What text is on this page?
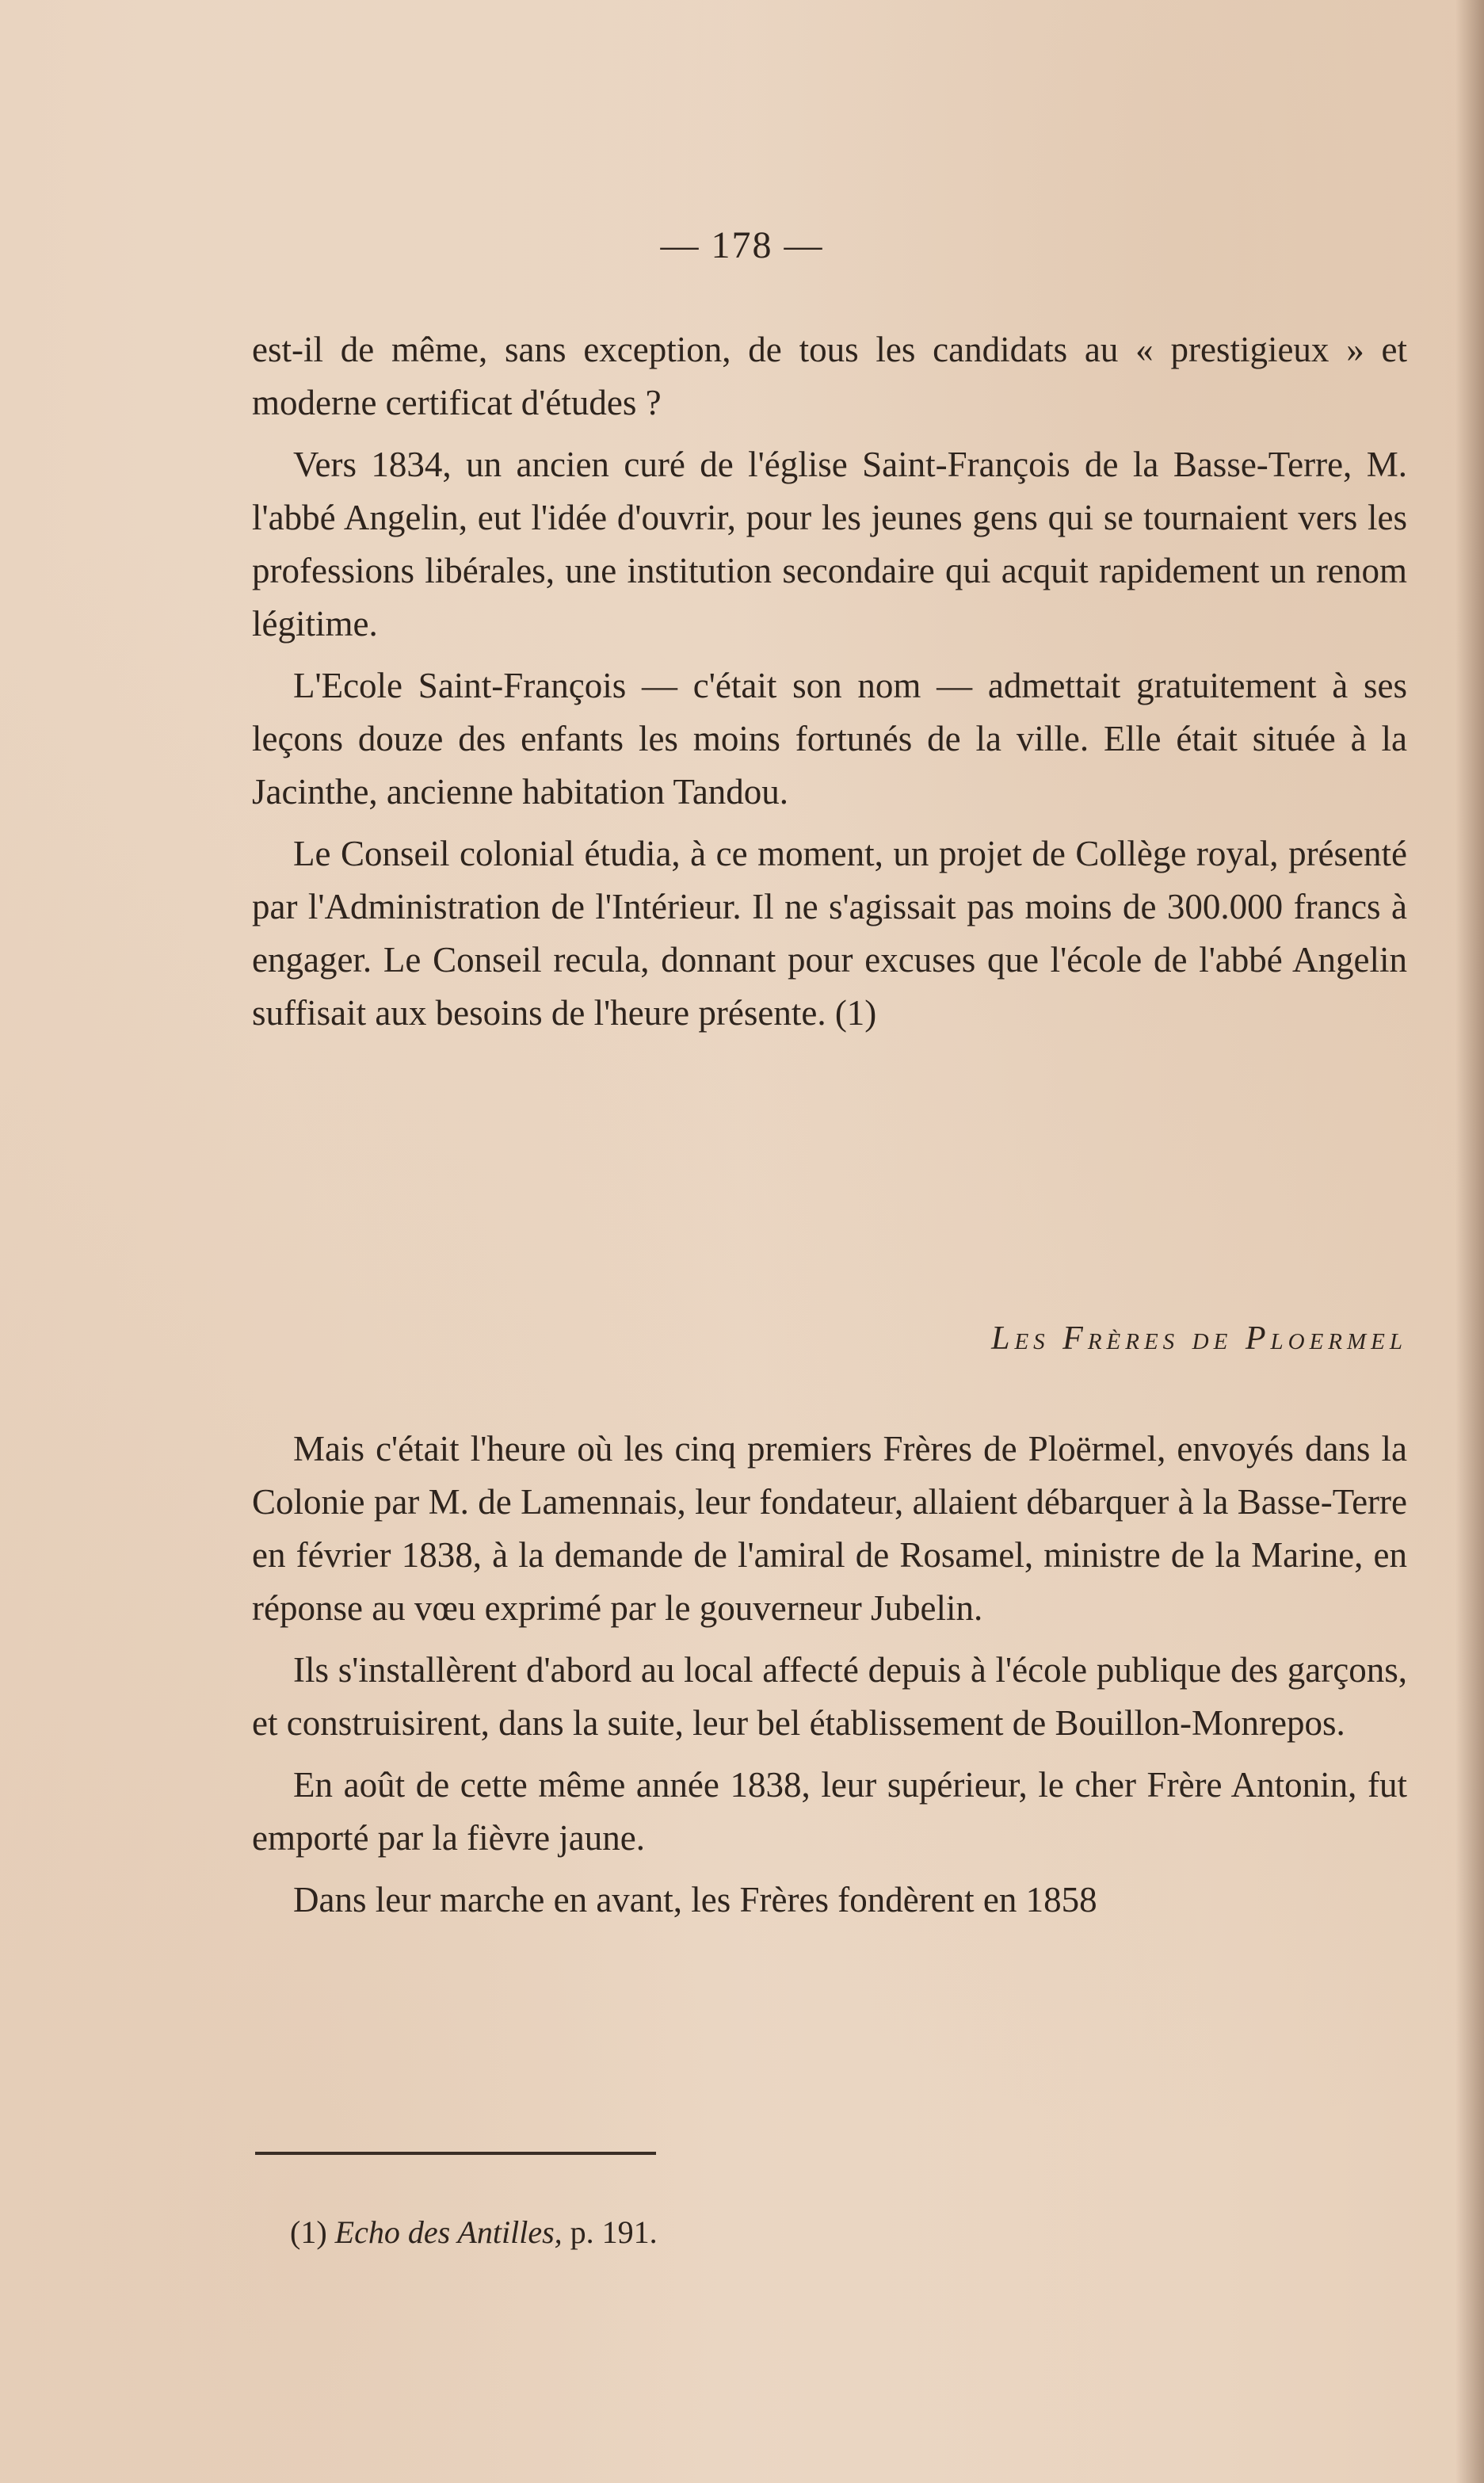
— 178 —

est-il de même, sans exception, de tous les candidats au « prestigieux » et moderne certificat d'études ?

Vers 1834, un ancien curé de l'église Saint-François de la Basse-Terre, M. l'abbé Angelin, eut l'idée d'ouvrir, pour les jeunes gens qui se tournaient vers les professions libérales, une institution secondaire qui acquit rapidement un renom légitime.

L'Ecole Saint-François — c'était son nom — admettait gratuitement à ses leçons douze des enfants les moins fortunés de la ville. Elle était située à la Jacinthe, ancienne habitation Tandou.

Le Conseil colonial étudia, à ce moment, un projet de Collège royal, présenté par l'Administration de l'Intérieur. Il ne s'agissait pas moins de 300.000 francs à engager. Le Conseil recula, donnant pour excuses que l'école de l'abbé Angelin suffisait aux besoins de l'heure présente. (1)

Les Frères de Ploermel

Mais c'était l'heure où les cinq premiers Frères de Ploërmel, envoyés dans la Colonie par M. de Lamennais, leur fondateur, allaient débarquer à la Basse-Terre en février 1838, à la demande de l'amiral de Rosamel, ministre de la Marine, en réponse au vœu exprimé par le gouverneur Jubelin.

Ils s'installèrent d'abord au local affecté depuis à l'école publique des garçons, et construisirent, dans la suite, leur bel établissement de Bouillon-Monrepos.

En août de cette même année 1838, leur supérieur, le cher Frère Antonin, fut emporté par la fièvre jaune.

Dans leur marche en avant, les Frères fondèrent en 1858

(1) Echo des Antilles, p. 191.
